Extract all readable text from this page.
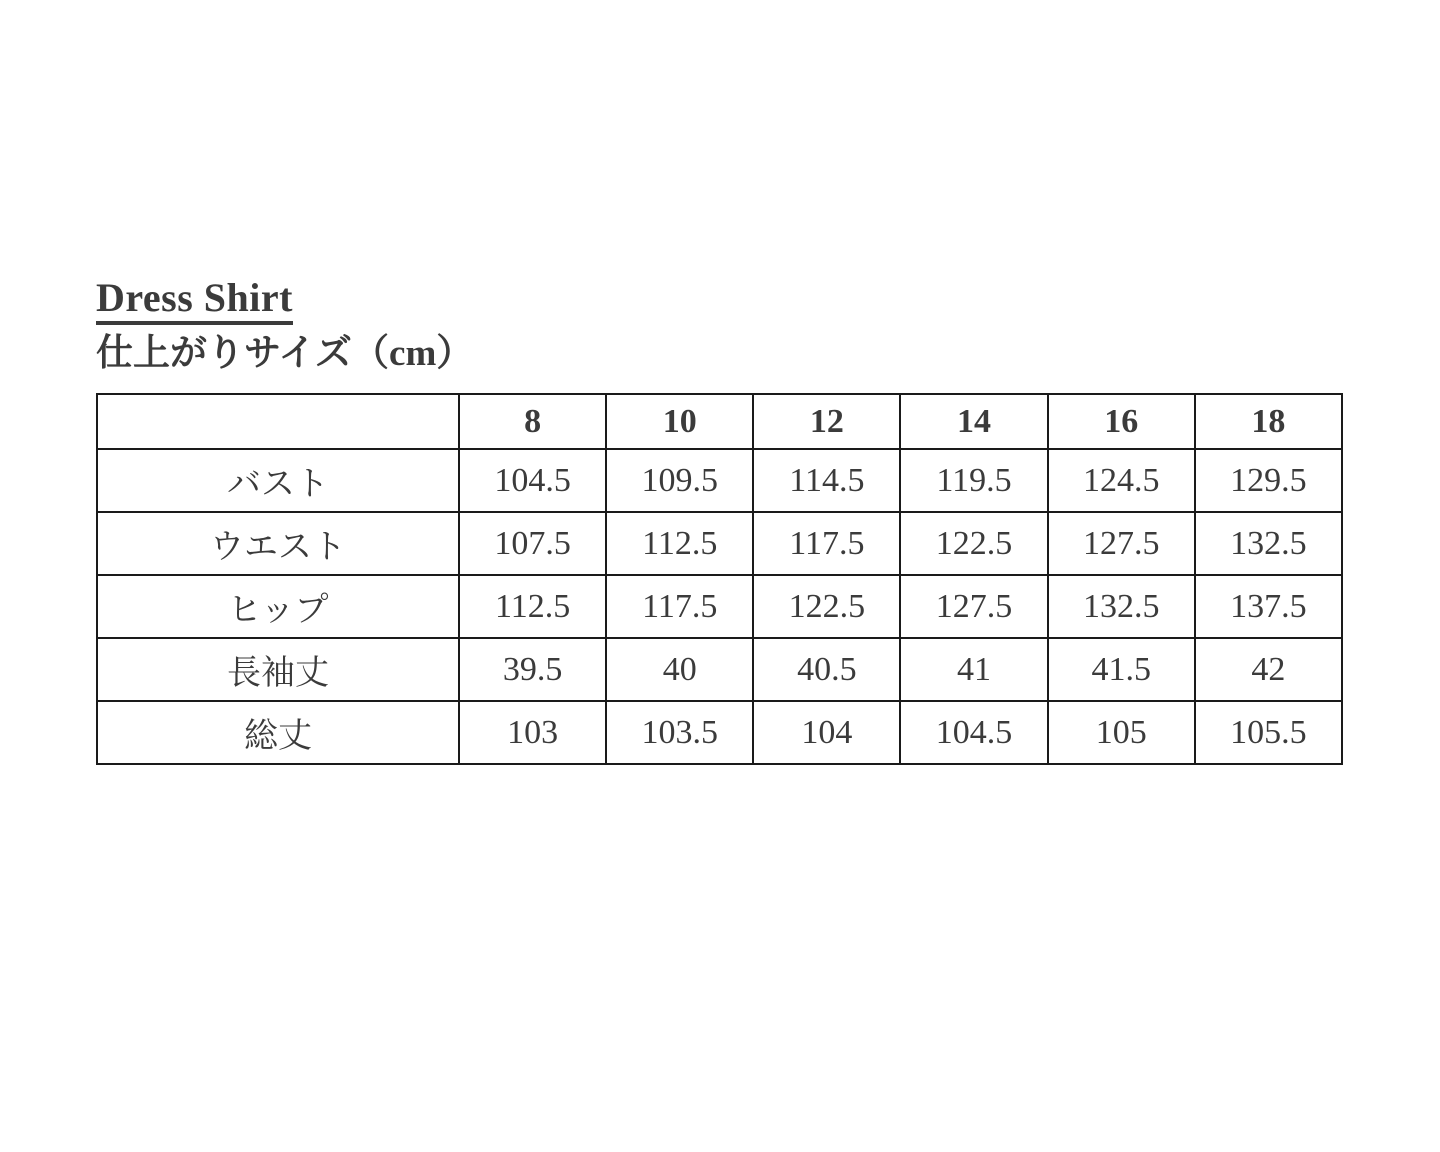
Dress Shirt
仕上がりサイズ（cm）
	8	10	12	14	16	18
バスト	104.5	109.5	114.5	119.5	124.5	129.5
ウエスト	107.5	112.5	117.5	122.5	127.5	132.5
ヒップ	112.5	117.5	122.5	127.5	132.5	137.5
長袖丈	39.5	40	40.5	41	41.5	42
総丈	103	103.5	104	104.5	105	105.5
